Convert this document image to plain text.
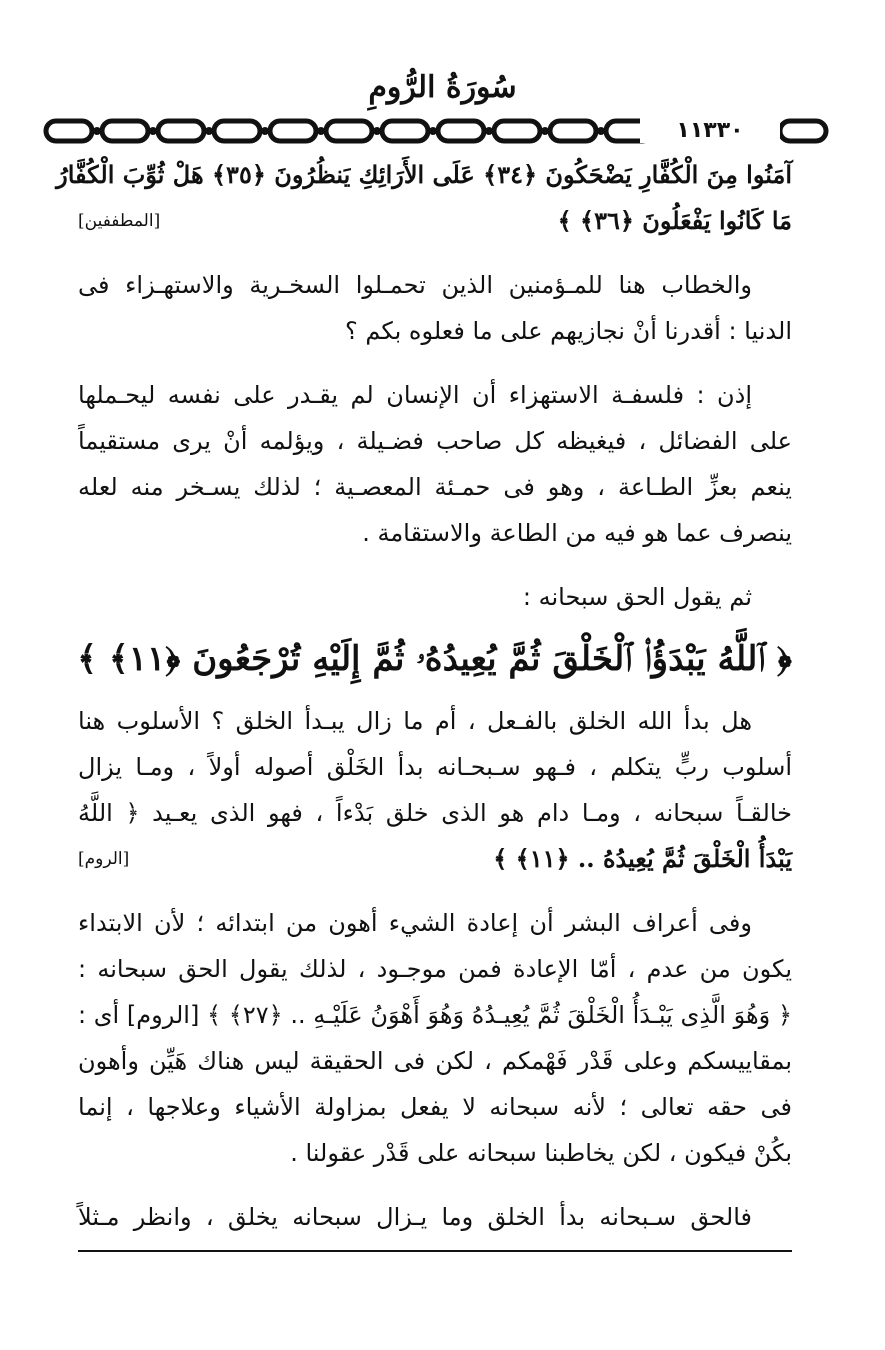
سُورَةُ الرُّومِ
١١٣٣٠
آمَنُوا مِنَ الْكُفَّارِ يَضْحَكُونَ ﴿٣٤﴾ عَلَى الأَرَائِكِ يَنظُرُونَ ﴿٣٥﴾ هَلْ ثُوِّبَ الْكُفَّارُ
مَا كَانُوا يَفْعَلُونَ ﴿٣٦﴾ ﴾
[المطففين]
والخطاب هنا للمـؤمنين الذين تحمـلوا السخـرية والاستهـزاء فى
الدنيا : أقدرنا أنْ نجازيهم على ما فعلوه بكم ؟
إذن : فلسفـة الاستهزاء أن الإنسان لم يقـدر على نفسه ليحـملها
على الفضائل ، فيغيظه كل صاحب فضـيلة ، ويؤلمه أنْ يرى مستقيماً
ينعم بعزِّ الطـاعة ، وهو فى حمـئة المعصـية ؛ لذلك يسـخر منه لعله
ينصرف عما هو فيه من الطاعة والاستقامة .
ثم يقول الحق سبحانه :
﴿ ٱللَّهُ يَبْدَؤُا۟ ٱلْخَلْقَ ثُمَّ يُعِيدُهُۥ ثُمَّ إِلَيْهِ تُرْجَعُونَ ﴿١١﴾ ﴾
هل بدأ الله الخلق بالفـعل ، أم ما زال يبـدأ الخلق ؟ الأسلوب هنا
أسلوب ربٍّ يتكلم ، فـهو سـبحـانه بدأ الخَلْق أصوله أولاً ، ومـا يزال
خالقـاً سبحانه ، ومـا دام هو الذى خلق بَدْءاً ، فهو الذى يعـيد ﴿ اللَّهُ
يَبْدَأُ الْخَلْقَ ثُمَّ يُعِيدُهُ .. ﴿١١﴾ ﴾
[الروم]
وفى أعراف البشر أن إعادة الشيء أهون من ابتدائه ؛ لأن الابتداء
يكون من عدم ، أمّا الإعادة فمن موجـود ، لذلك يقول الحق سبحانه :
﴿ وَهُوَ الَّذِى يَبْـدَأُ الْخَلْقَ ثُمَّ يُعِيـدُهُ وَهُوَ أَهْوَنُ عَلَيْـهِ .. ﴿٢٧﴾ ﴾ [الروم] أى :
بمقاييسكم وعلى قَدْر فَهْمكم ، لكن فى الحقيقة ليس هناك هَيِّن وأهون
فى حقه تعالى ؛ لأنه سبحانه لا يفعل بمزاولة الأشياء وعلاجها ، إنما
بكُنْ فيكون ، لكن يخاطبنا سبحانه على قَدْر عقولنا .
فالحق سـبحانه بدأ الخلق وما يـزال سبحانه يخلق ، وانظر مـثلاً
